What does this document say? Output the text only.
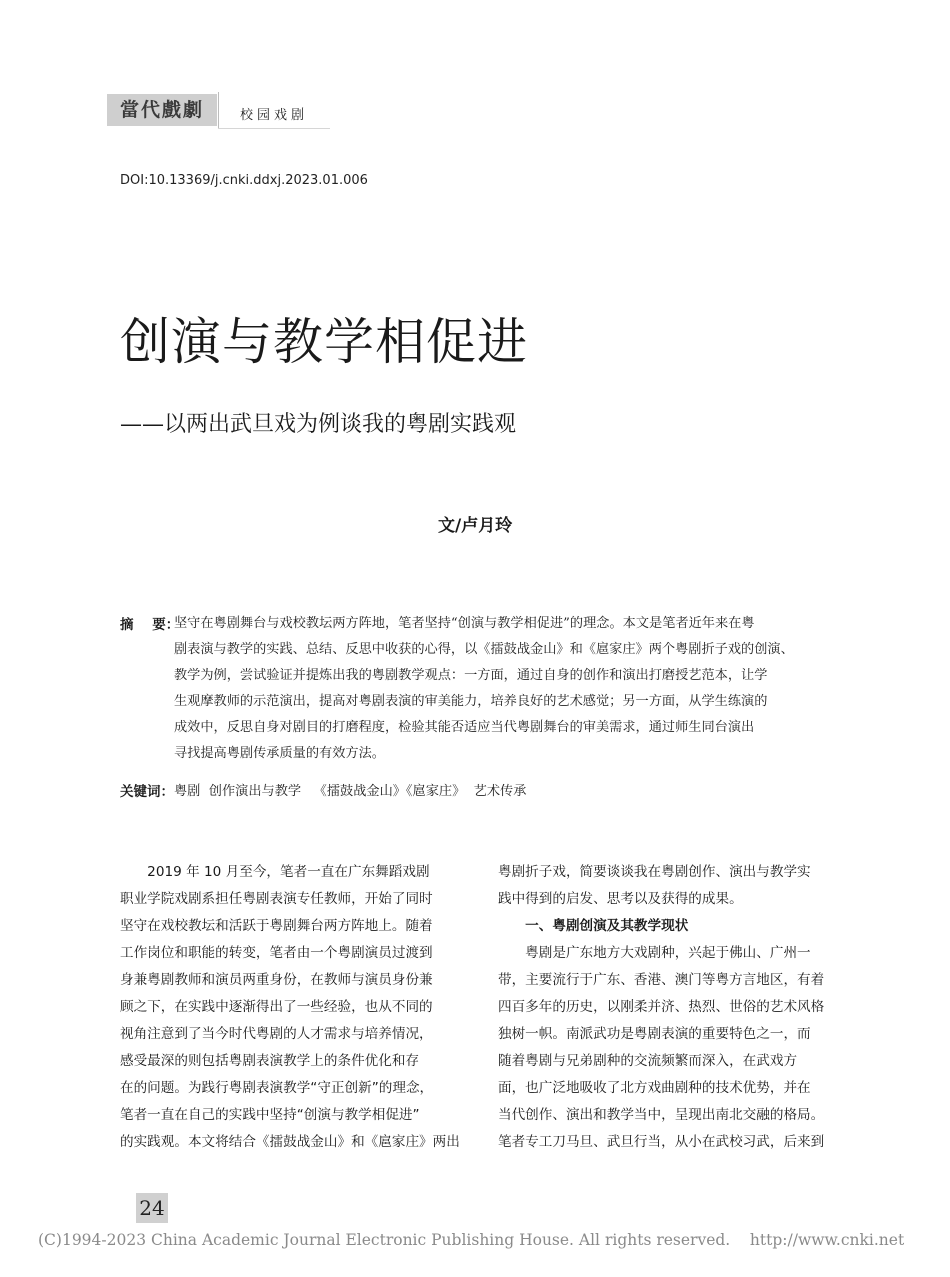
當代戲劇	校园戏剧
DOI:10.13369/j.cnki.ddxj.2023.01.006
创演与教学相促进
——以两出武旦戏为例谈我的粤剧实践观
文/卢月玲
摘    要：
坚守在粤剧舞台与戏校教坛两方阵地，笔者坚持“创演与教学相促进”的理念。本文是笔者近年来在粤
剧表演与教学的实践、总结、反思中收获的心得，以《擂鼓战金山》和《扈家庄》两个粤剧折子戏的创演、
教学为例，尝试验证并提炼出我的粤剧教学观点：一方面，通过自身的创作和演出打磨授艺范本，让学
生观摩教师的示范演出，提高对粤剧表演的审美能力，培养良好的艺术感觉；另一方面，从学生练演的
成效中，反思自身对剧目的打磨程度，检验其能否适应当代粤剧舞台的审美需求，通过师生同台演出
寻找提高粤剧传承质量的有效方法。
关键词： 粤剧  创作演出与教学   《擂鼓战金山》《扈家庄》  艺术传承
　　2019 年 10 月至今，笔者一直在广东舞蹈戏剧
职业学院戏剧系担任粤剧表演专任教师，开始了同时
坚守在戏校教坛和活跃于粤剧舞台两方阵地上。随着
工作岗位和职能的转变，笔者由一个粤剧演员过渡到
身兼粤剧教师和演员两重身份，在教师与演员身份兼
顾之下，在实践中逐渐得出了一些经验，也从不同的
视角注意到了当今时代粤剧的人才需求与培养情况，
感受最深的则包括粤剧表演教学上的条件优化和存
在的问题。为践行粤剧表演教学“守正创新”的理念，
笔者一直在自己的实践中坚持“创演与教学相促进”
的实践观。本文将结合《擂鼓战金山》和《扈家庄》两出
粤剧折子戏，简要谈谈我在粤剧创作、演出与教学实
践中得到的启发、思考以及获得的成果。
　　一、粤剧创演及其教学现状
　　粤剧是广东地方大戏剧种，兴起于佛山、广州一
带，主要流行于广东、香港、澳门等粤方言地区，有着
四百多年的历史，以刚柔并济、热烈、世俗的艺术风格
独树一帜。南派武功是粤剧表演的重要特色之一，而
随着粤剧与兄弟剧种的交流频繁而深入，在武戏方
面，也广泛地吸收了北方戏曲剧种的技术优势，并在
当代创作、演出和教学当中，呈现出南北交融的格局。
笔者专工刀马旦、武旦行当，从小在武校习武，后来到
24
(C)1994-2023 China Academic Journal Electronic Publishing House. All rights reserved.    http://www.cnki.net
